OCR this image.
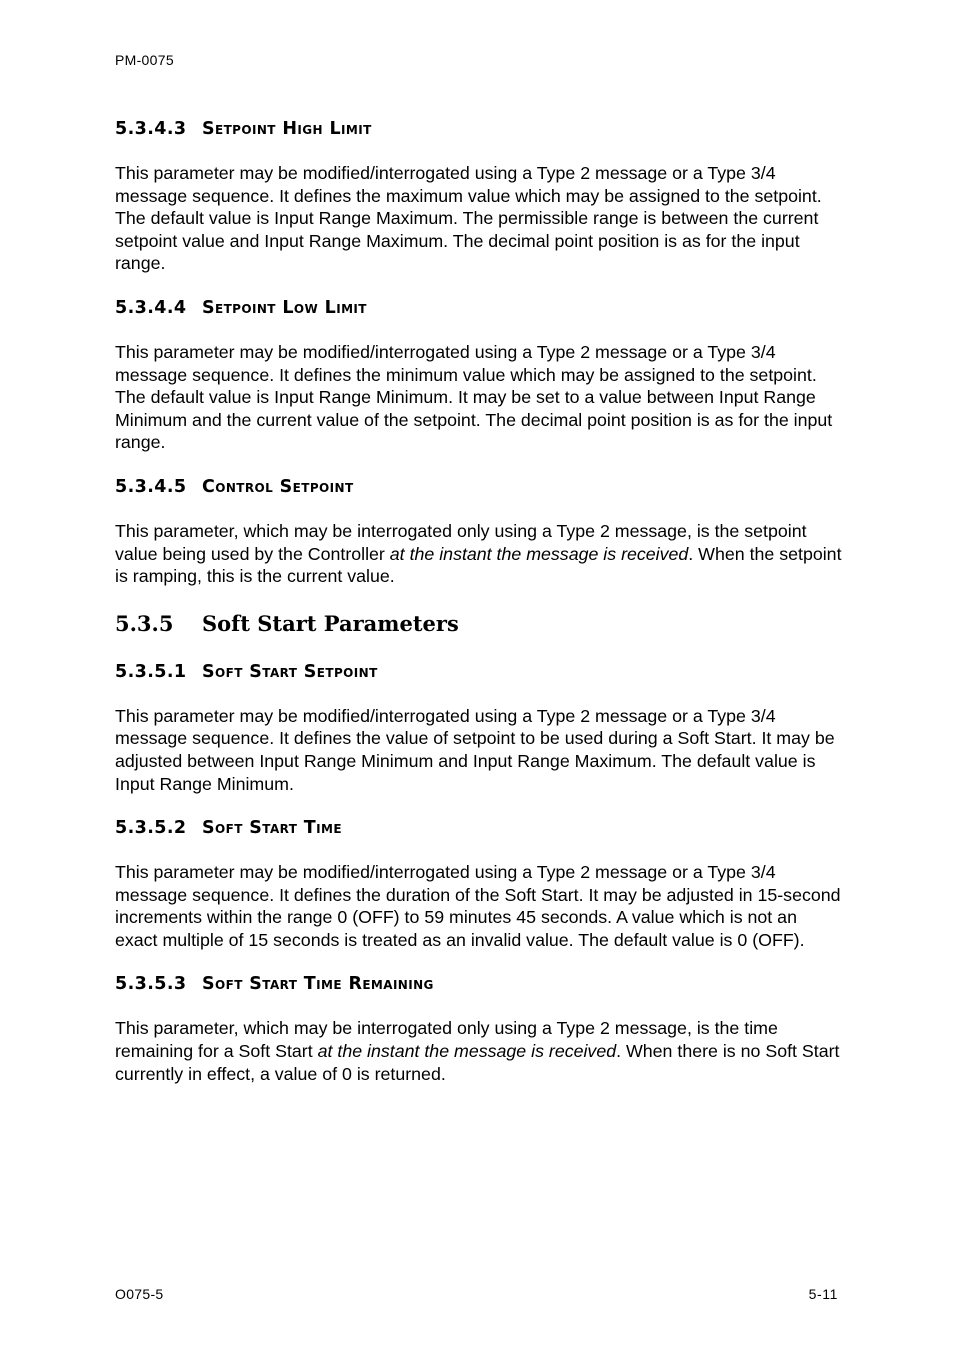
PM-0075
5.3.4.3 Setpoint High Limit

This parameter may be modified/interrogated using a Type 2 message or a Type 3/4 message sequence. It defines the maximum value which may be assigned to the setpoint. The default value is Input Range Maximum. The permissible range is between the current setpoint value and Input Range Maximum. The decimal point position is as for the input range.

5.3.4.4 Setpoint Low Limit

This parameter may be modified/interrogated using a Type 2 message or a Type 3/4 message sequence. It defines the minimum value which may be assigned to the setpoint. The default value is Input Range Minimum. It may be set to a value between Input Range Minimum and the current value of the setpoint. The decimal point position is as for the input range.

5.3.4.5 Control Setpoint

This parameter, which may be interrogated only using a Type 2 message, is the setpoint value being used by the Controller at the instant the message is received. When the setpoint is ramping, this is the current value.

5.3.5	Soft Start Parameters
5.3.5.1 Soft Start Setpoint

This parameter may be modified/interrogated using a Type 2 message or a Type 3/4 message sequence. It defines the value of setpoint to be used during a Soft Start. It may be adjusted between Input Range Minimum and Input Range Maximum. The default value is Input Range Minimum.

5.3.5.2 Soft Start Time

This parameter may be modified/interrogated using a Type 2 message or a Type 3/4 message sequence. It defines the duration of the Soft Start. It may be adjusted in 15-second increments within the range 0 (OFF) to 59 minutes 45 seconds. A value which is not an exact multiple of 15 seconds is treated as an invalid value. The default value is 0 (OFF).

5.3.5.3 Soft Start Time Remaining

This parameter, which may be interrogated only using a Type 2 message, is the time remaining for a Soft Start at the instant the message is received. When there is no Soft Start currently in effect, a value of 0 is returned.

O075-5	5-11
